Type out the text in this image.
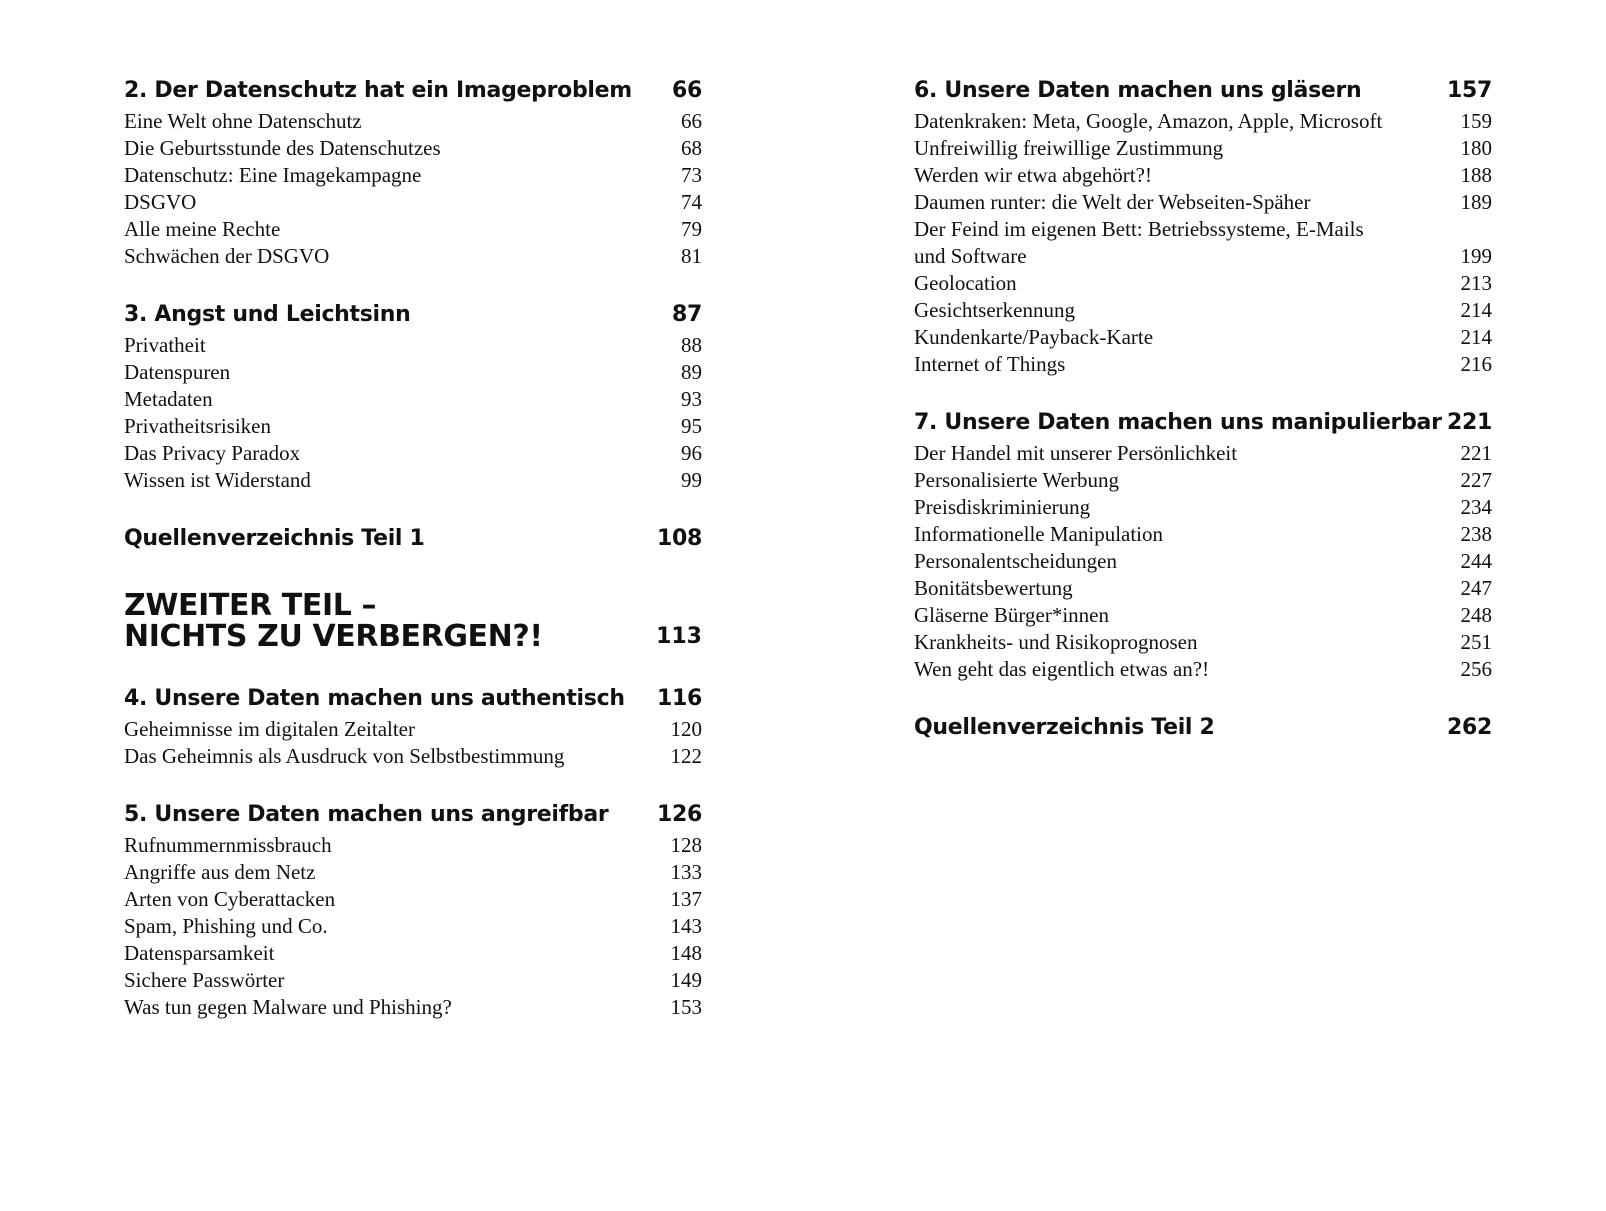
2. Der Datenschutz hat ein Imageproblem 66
Eine Welt ohne Datenschutz	66
Die Geburtsstunde des Datenschutzes	68
Datenschutz: Eine Imagekampagne	73
DSGVO	74
Alle meine Rechte	79
Schwächen der DSGVO	81
3. Angst und Leichtsinn	87
Privatheit	88
Datenspuren	89
Metadaten	93
Privatheitsrisiken	95
Das Privacy Paradox	96
Wissen ist Widerstand	99
Quellenverzeichnis Teil 1	108
ZWEITER TEIL –
NICHTS ZU VERBERGEN?!	113
4. Unsere Daten machen uns authentisch 116
Geheimnisse im digitalen Zeitalter	120
Das Geheimnis als Ausdruck von Selbstbestimmung	122
5. Unsere Daten machen uns angreifbar 126
Rufnummernmissbrauch	128
Angriffe aus dem Netz	133
Arten von Cyberattacken	137
Spam, Phishing und Co.	143
Datensparsamkeit	148
Sichere Passwörter	149
Was tun gegen Malware und Phishing?	153
6. Unsere Daten machen uns gläsern	157
Datenkraken: Meta, Google, Amazon, Apple, Microsoft	159
Unfreiwillig freiwillige Zustimmung	180
Werden wir etwa abgehört?!	188
Daumen runter: die Welt der Webseiten-Späher	189
Der Feind im eigenen Bett: Betriebssysteme, E-Mails
und Software	199
Geolocation	213
Gesichtserkennung	214
Kundenkarte/Payback-Karte	214
Internet of Things	216
7. Unsere Daten machen uns manipulierbar 221
Der Handel mit unserer Persönlichkeit	221
Personalisierte Werbung	227
Preisdiskriminierung	234
Informationelle Manipulation	238
Personalentscheidungen	244
Bonitätsbewertung	247
Gläserne Bürger*innen	248
Krankheits- und Risikoprognosen	251
Wen geht das eigentlich etwas an?!	256
Quellenverzeichnis Teil 2	262
